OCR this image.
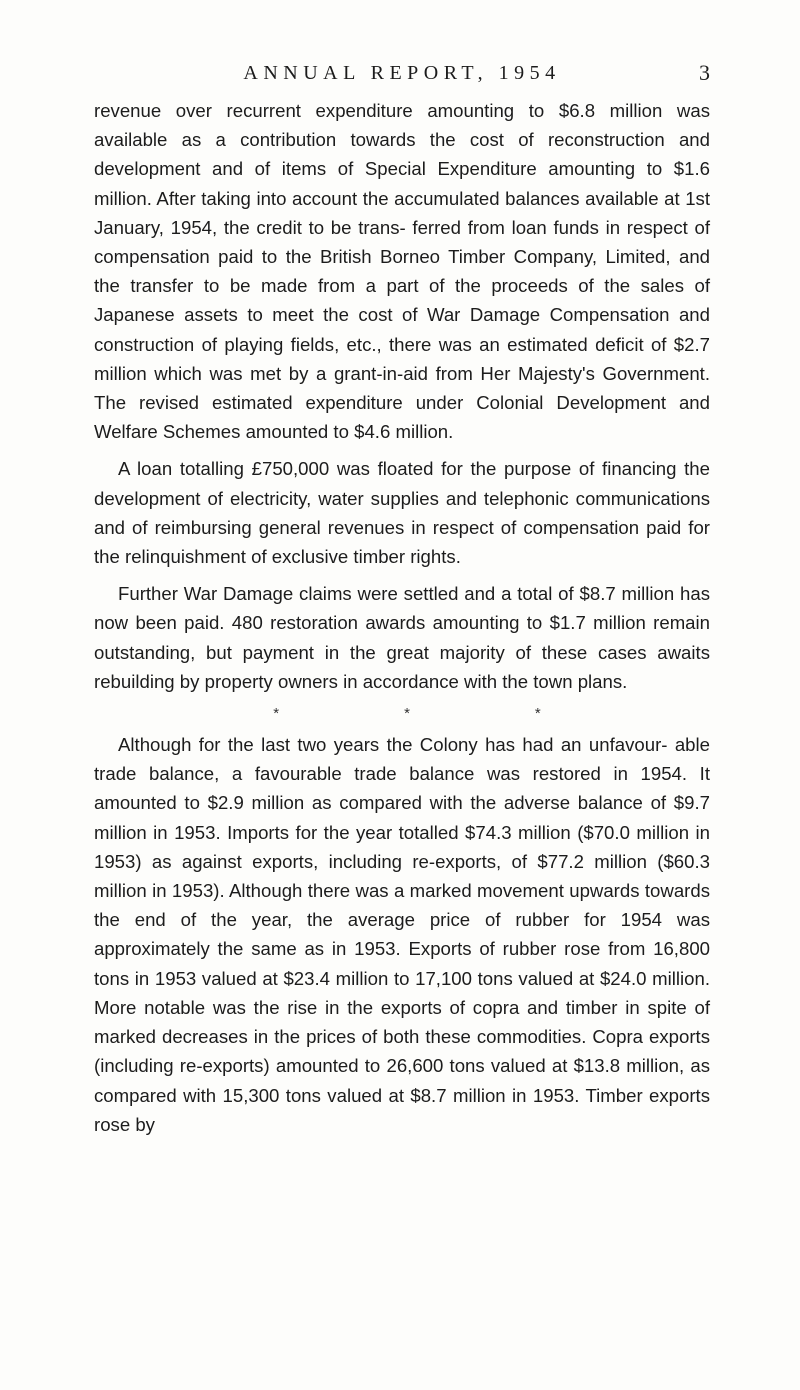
ANNUAL REPORT, 1954	3

revenue over recurrent expenditure amounting to $6.8 million was available as a contribution towards the cost of reconstruction and development and of items of Special Expenditure amounting to $1.6 million. After taking into account the accumulated balances available at 1st January, 1954, the credit to be trans- ferred from loan funds in respect of compensation paid to the British Borneo Timber Company, Limited, and the transfer to be made from a part of the proceeds of the sales of Japanese assets to meet the cost of War Damage Compensation and construction of playing fields, etc., there was an estimated deficit of $2.7 million which was met by a grant-in-aid from Her Majesty's Government. The revised estimated expenditure under Colonial Development and Welfare Schemes amounted to $4.6 million.

A loan totalling £750,000 was floated for the purpose of financing the development of electricity, water supplies and telephonic communications and of reimbursing general revenues in respect of compensation paid for the relinquishment of exclusive timber rights.

Further War Damage claims were settled and a total of $8.7 million has now been paid. 480 restoration awards amounting to $1.7 million remain outstanding, but payment in the great majority of these cases awaits rebuilding by property owners in accordance with the town plans.

*	*	*

Although for the last two years the Colony has had an unfavour- able trade balance, a favourable trade balance was restored in 1954. It amounted to $2.9 million as compared with the adverse balance of $9.7 million in 1953. Imports for the year totalled $74.3 million ($70.0 million in 1953) as against exports, including re-exports, of $77.2 million ($60.3 million in 1953). Although there was a marked movement upwards towards the end of the year, the average price of rubber for 1954 was approximately the same as in 1953. Exports of rubber rose from 16,800 tons in 1953 valued at $23.4 million to 17,100 tons valued at $24.0 million. More notable was the rise in the exports of copra and timber in spite of marked decreases in the prices of both these commodities. Copra exports (including re-exports) amounted to 26,600 tons valued at $13.8 million, as compared with 15,300 tons valued at $8.7 million in 1953. Timber exports rose by
